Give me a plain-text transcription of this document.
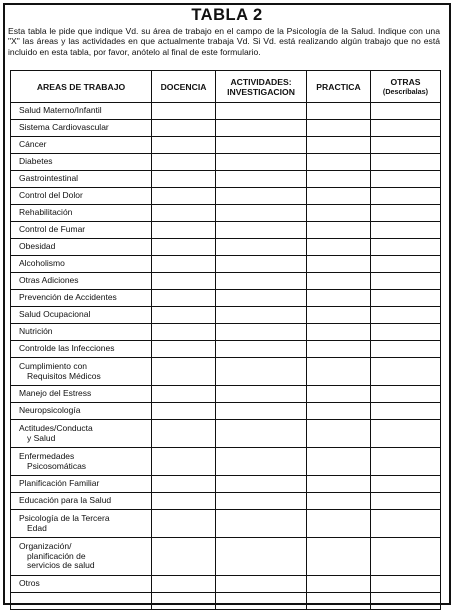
TABLA 2
Esta tabla le pide que indique Vd. su área de trabajo en el campo de la Psicología de la Salud. Indique con una "X" las áreas y las actividades en que actualmente trabaja Vd. Si Vd. está realizando algún trabajo que no está incluido en esta tabla, por favor, anótelo al final de este formulario.
AREAS DE TRABAJO	DOCENCIA	ACTIVIDADES:
INVESTIGACION	PRACTICA	OTRAS
(Descríbalas)

Salud Materno/Infantil				
Sistema Cardiovascular				
Cáncer				
Diabetes				
Gastrointestinal				
Control del Dolor				
Rehabilitación				
Control de Fumar				
Obesidad				
Alcoholismo				
Otras Adiciones				
Prevención de Accidentes				
Salud Ocupacional				
Nutrición				
Controlde las Infecciones				
Cumplimiento con
Requisitos Médicos				
Manejo del Estress				
Neuropsicología				
Actitudes/Conducta
y Salud				
Enfermedades
Psicosomáticas				
Planificación Familiar				
Educación para la Salud				
Psicología de la Tercera
Edad				
Organización/
planificación de
servicios de salud				
Otros				
